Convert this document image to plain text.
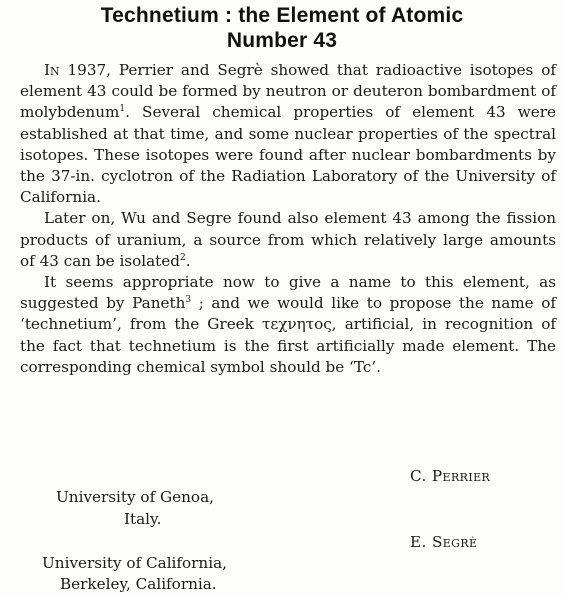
Technetium : the Element of Atomic
Number 43

In 1937, Perrier and Segrè showed that radioactive isotopes of element 43 could be formed by neutron or deuteron bombardment of molybdenum$^1$. Several chemical properties of element 43 were established at that time, and some nuclear properties of the spectral isotopes. These isotopes were found after nuclear bombardments by the 37-in. cyclotron of the Radiation Laboratory of the University of California.

Later on, Wu and Segre found also element 43 among the fission products of uranium, a source from which relatively large amounts of 43 can be isolated$^2$.

It seems appropriate now to give a name to this element, as suggested by Paneth$^3$ ; and we would like to propose the name of ‘technetium’, from the Greek τεχνητος, artificial, in recognition of the fact that technetium is the first artificially made element. The corresponding chemical symbol should be ‘Tc’.

C. Perrier
University of Genoa,
Italy.
E. Segrè
University of California,
Berkeley, California.
